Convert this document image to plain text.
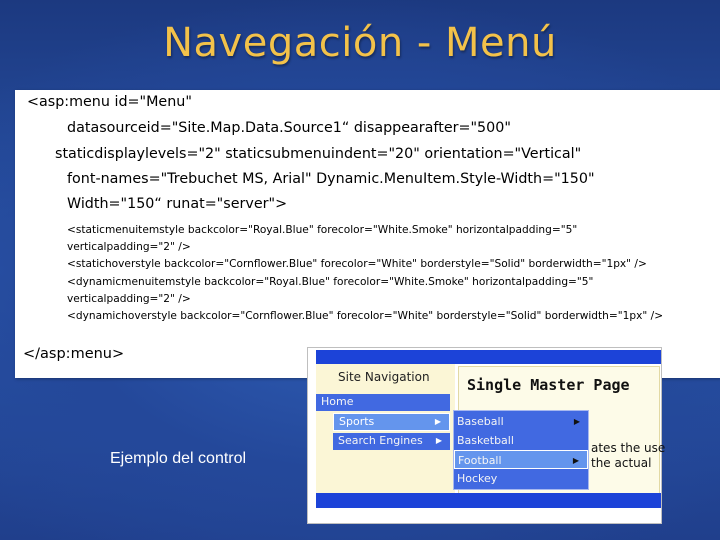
Navegación - Menú
<asp:menu id="Menu"
datasourceid="Site.Map.Data.Source1“ disappearafter="500"
staticdisplaylevels="2" staticsubmenuindent="20" orientation="Vertical"
font-names="Trebuchet MS, Arial" Dynamic.MenuItem.Style-Width="150"
Width="150“ runat="server">
<staticmenuitemstyle backcolor="Royal.Blue" forecolor="White.Smoke" horizontalpadding="5" verticalpadding="2" />
<statichoverstyle backcolor="Cornflower.Blue" forecolor="White" borderstyle="Solid" borderwidth="1px" />
<dynamicmenuitemstyle backcolor="Royal.Blue" forecolor="White.Smoke" horizontalpadding="5" verticalpadding="2" />
<dynamichoverstyle backcolor="Cornflower.Blue" forecolor="White" borderstyle="Solid" borderwidth="1px" />
</asp:menu>
Ejemplo del control
Site Navigation Single Master Page
ates the use
the actual
Home
Sports	▶
Search Engines ▶
Baseball	▶
Basketball
Football	▶
Hockey
